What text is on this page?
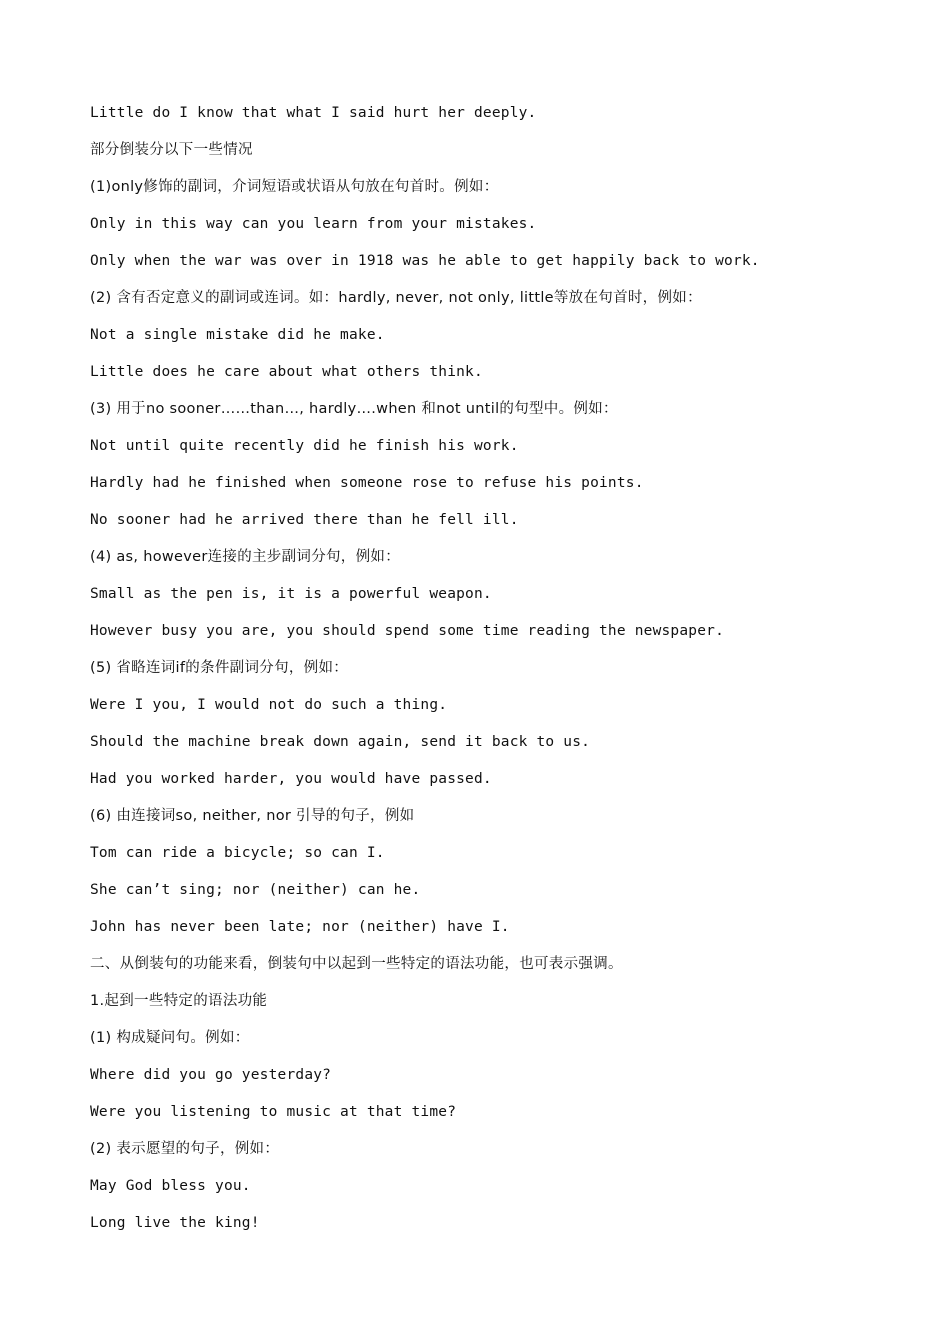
Little do I know that what I said hurt her deeply.
部分倒装分以下一些情况
(1)only修饰的副词，介词短语或状语从句放在句首时。例如：
Only in this way can you learn from your mistakes.
Only when the war was over in 1918 was he able to get happily back to work.
(2) 含有否定意义的副词或连词。如：hardly, never, not only, little等放在句首时，例如：
Not a single mistake did he make.
Little does he care about what others think.
(3) 用于no sooner……than…, hardly….when 和not until的句型中。例如：
Not until quite recently did he finish his work.
Hardly had he finished when someone rose to refuse his points.
No sooner had he arrived there than he fell ill.
(4) as, however连接的主步副词分句，例如：
Small as the pen is, it is a powerful weapon.
However busy you are, you should spend some time reading the newspaper.
(5) 省略连词if的条件副词分句，例如：
Were I you, I would not do such a thing.
Should the machine break down again, send it back to us.
Had you worked harder, you would have passed.
(6) 由连接词so, neither, nor 引导的句子，例如
Tom can ride a bicycle; so can I.
She can’t sing; nor (neither) can he.
John has never been late; nor (neither) have I.
二、从倒装句的功能来看，倒装句中以起到一些特定的语法功能，也可表示强调。
1.起到一些特定的语法功能
(1) 构成疑问句。例如：
Where did you go yesterday?
Were you listening to music at that time?
(2) 表示愿望的句子，例如：
May God bless you.
Long live the king!
